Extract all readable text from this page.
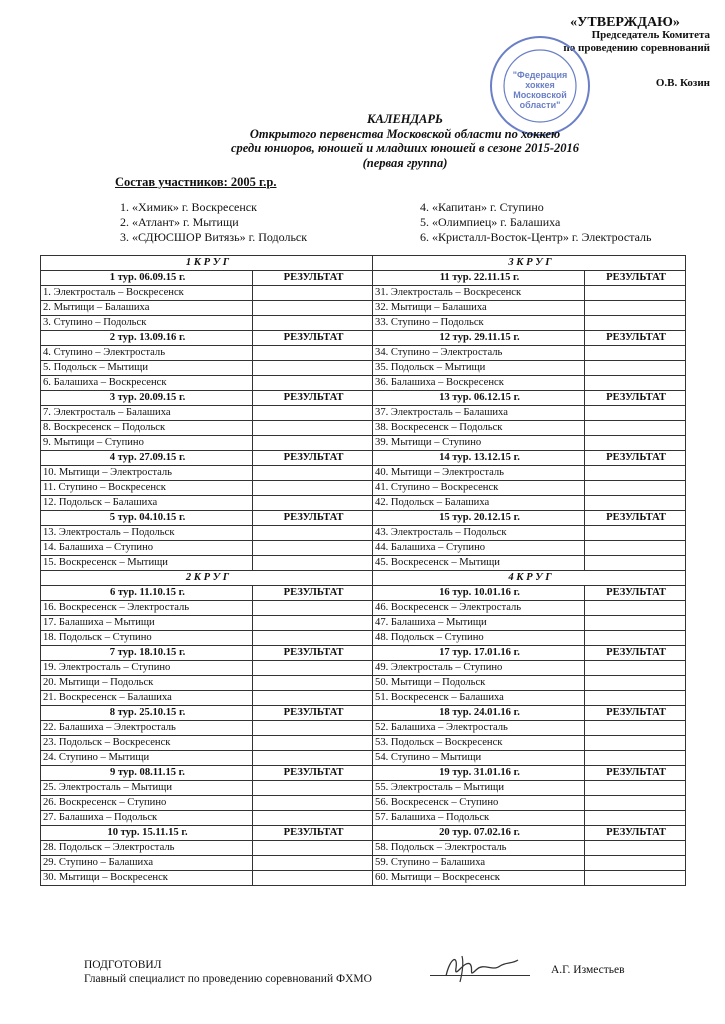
«УТВЕРЖДАЮ»
Председатель Комитета
по проведению соревнований
О.В. Козин
"Федерация
хоккея
Московской
области"
КАЛЕНДАРЬ
Открытого первенства Московской области по хоккею
среди юниоров, юношей и младших юношей в сезоне 2015-2016
(первая группа)
Состав участников: 2005 г.р.
1. «Химик» г. Воскресенск
2. «Атлант» г. Мытищи
3. «СДЮСШОР Витязь» г. Подольск
4. «Капитан» г. Ступино
5. «Олимпиец» г. Балашиха
6. «Кристалл-Восток-Центр» г. Электросталь
1 К Р У Г		3 К Р У Г	
1 тур. 06.09.15 г.	РЕЗУЛЬТАТ	11 тур. 22.11.15 г.	РЕЗУЛЬТАТ
1. Электросталь – Воскресенск		31. Электросталь – Воскресенск	
2. Мытищи – Балашиха		32. Мытищи – Балашиха	
3. Ступино – Подольск		33. Ступино – Подольск	
2 тур. 13.09.16 г.	РЕЗУЛЬТАТ	12 тур. 29.11.15 г.	РЕЗУЛЬТАТ
4. Ступино – Электросталь		34. Ступино – Электросталь	
5. Подольск – Мытищи		35. Подольск – Мытищи	
6. Балашиха – Воскресенск		36. Балашиха – Воскресенск	
3 тур. 20.09.15 г.	РЕЗУЛЬТАТ	13 тур. 06.12.15 г.	РЕЗУЛЬТАТ
7. Электросталь – Балашиха		37. Электросталь – Балашиха	
8. Воскресенск – Подольск		38. Воскресенск – Подольск	
9. Мытищи – Ступино		39. Мытищи – Ступино	
4 тур. 27.09.15 г.	РЕЗУЛЬТАТ	14 тур. 13.12.15 г.	РЕЗУЛЬТАТ
10. Мытищи – Электросталь		40. Мытищи – Электросталь	
11. Ступино – Воскресенск		41. Ступино – Воскресенск	
12. Подольск – Балашиха		42. Подольск – Балашиха	
5 тур. 04.10.15 г.	РЕЗУЛЬТАТ	15 тур. 20.12.15 г.	РЕЗУЛЬТАТ
13. Электросталь – Подольск		43. Электросталь – Подольск	
14. Балашиха – Ступино		44. Балашиха – Ступино	
15. Воскресенск – Мытищи		45. Воскресенск – Мытищи	
2 К Р У Г		4 К Р У Г	
6 тур. 11.10.15 г.	РЕЗУЛЬТАТ	16 тур. 10.01.16 г.	РЕЗУЛЬТАТ
16. Воскресенск – Электросталь		46. Воскресенск – Электросталь	
17. Балашиха – Мытищи		47. Балашиха – Мытищи	
18. Подольск – Ступино		48. Подольск – Ступино	
7 тур. 18.10.15 г.	РЕЗУЛЬТАТ	17 тур. 17.01.16 г.	РЕЗУЛЬТАТ
19. Электросталь – Ступино		49. Электросталь – Ступино	
20. Мытищи – Подольск		50. Мытищи – Подольск	
21. Воскресенск – Балашиха		51. Воскресенск – Балашиха	
8 тур. 25.10.15 г.	РЕЗУЛЬТАТ	18 тур. 24.01.16 г.	РЕЗУЛЬТАТ
22. Балашиха – Электросталь		52. Балашиха – Электросталь	
23. Подольск – Воскресенск		53. Подольск – Воскресенск	
24. Ступино – Мытищи		54. Ступино – Мытищи	
9 тур. 08.11.15 г.	РЕЗУЛЬТАТ	19 тур. 31.01.16 г.	РЕЗУЛЬТАТ
25. Электросталь – Мытищи		55. Электросталь – Мытищи	
26. Воскресенск – Ступино		56. Воскресенск – Ступино	
27. Балашиха – Подольск		57. Балашиха – Подольск	
10 тур. 15.11.15 г.	РЕЗУЛЬТАТ	20 тур. 07.02.16 г.	РЕЗУЛЬТАТ
28. Подольск – Электросталь		58. Подольск – Электросталь	
29. Ступино – Балашиха		59. Ступино – Балашиха	
30. Мытищи – Воскресенск		60. Мытищи – Воскресенск	
ПОДГОТОВИЛ
Главный специалист по проведению соревнований ФХМО
А.Г. Изместьев
